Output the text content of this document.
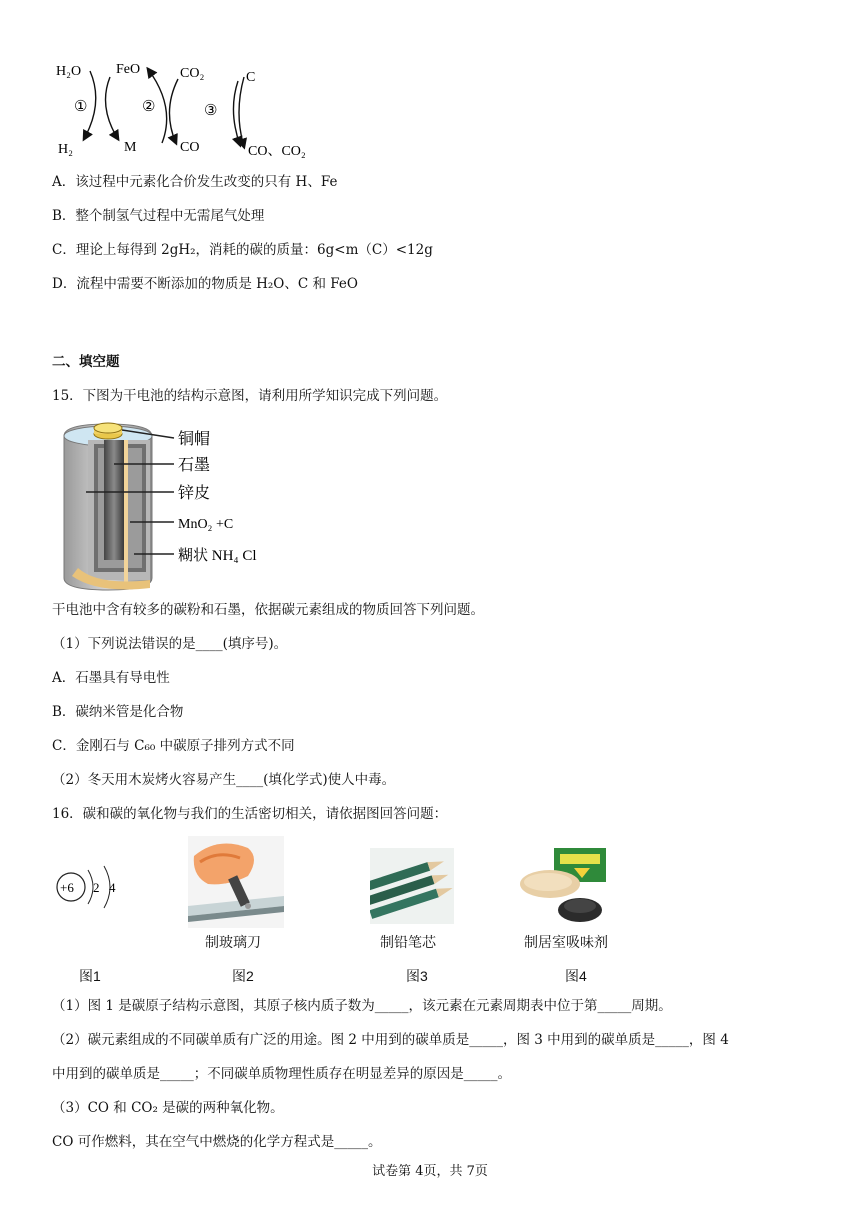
H₂O FeO	CO₂	C
①	②	③
H₂	M	CO	CO、CO₂
A．该过程中元素化合价发生改变的只有 H、Fe
B．整个制氢气过程中无需尾气处理
C．理论上每得到 2gH₂，消耗的碳的质量：6g<m（C）<12g
D．流程中需要不断添加的物质是 H₂O、C 和 FeO
二、填空题
15．下图为干电池的结构示意图，请利用所学知识完成下列问题。
铜帽
石墨
锌皮
MnO₂ +C
糊状 NH₄ Cl
干电池中含有较多的碳粉和石墨，依据碳元素组成的物质回答下列问题。
（1）下列说法错误的是____(填序号)。
A．石墨具有导电性
B．碳纳米管是化合物
C．金刚石与 C₆₀ 中碳原子排列方式不同
（2）冬天用木炭烤火容易产生____(填化学式)使人中毒。
16．碳和碳的氧化物与我们的生活密切相关，请依据图回答问题：
+6 2 4
制玻璃刀	制铅笔芯	制居室吸味剂
图1	图2	图3	图4
（1）图 1 是碳原子结构示意图，其原子核内质子数为_____，该元素在元素周期表中位于第_____周期。
（2）碳元素组成的不同碳单质有广泛的用途。图 2 中用到的碳单质是_____，图 3 中用到的碳单质是_____，图 4
中用到的碳单质是_____；不同碳单质物理性质存在明显差异的原因是_____。
（3）CO 和 CO₂ 是碳的两种氧化物。
CO 可作燃料，其在空气中燃烧的化学方程式是_____。
试卷第 4页，共 7页
